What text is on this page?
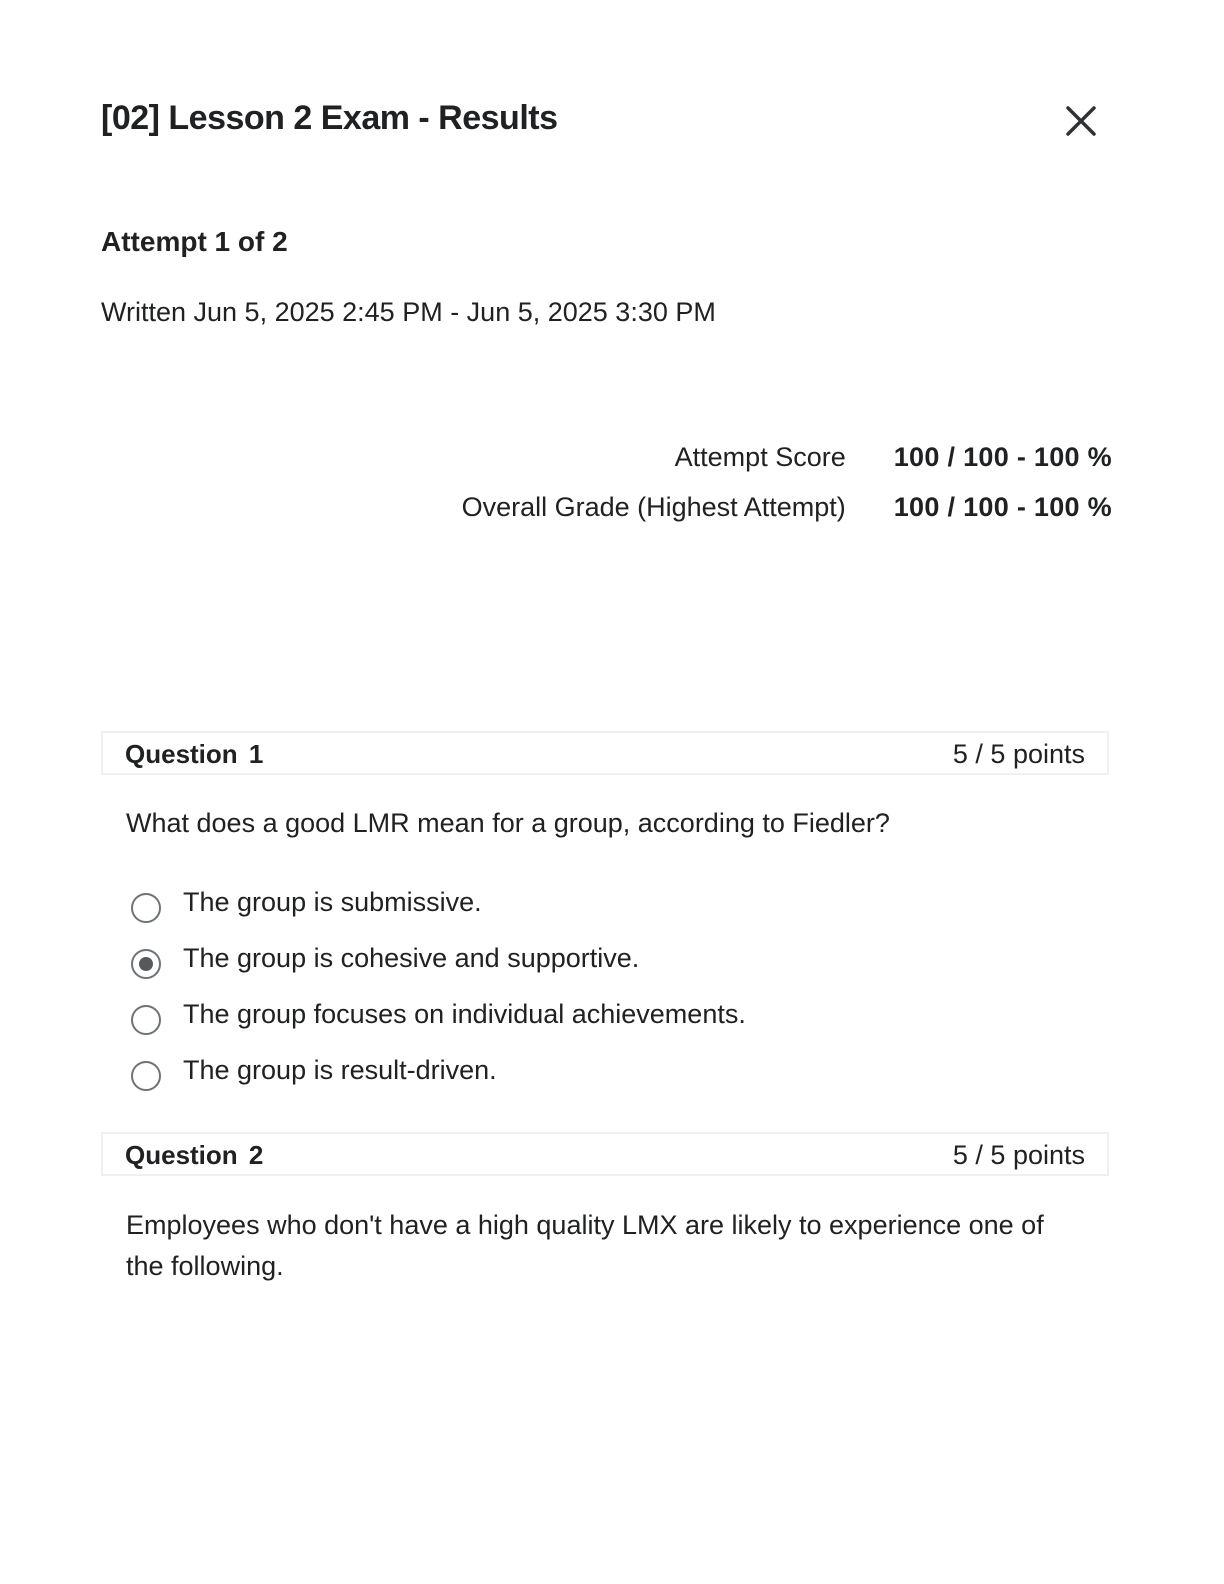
[02] Lesson 2 Exam - Results
Attempt 1 of 2
Written Jun 5, 2025 2:45 PM - Jun 5, 2025 3:30 PM
Attempt Score	100 / 100 - 100 %
Overall Grade (Highest Attempt)	100 / 100 - 100 %
Question 1	5 / 5 points

What does a good LMR mean for a group, according to Fiedler?

The group is submissive.
The group is cohesive and supportive.
The group focuses on individual achievements.
The group is result-driven.
Question 2	5 / 5 points

Employees who don't have a high quality LMX are likely to experience one of the following.
